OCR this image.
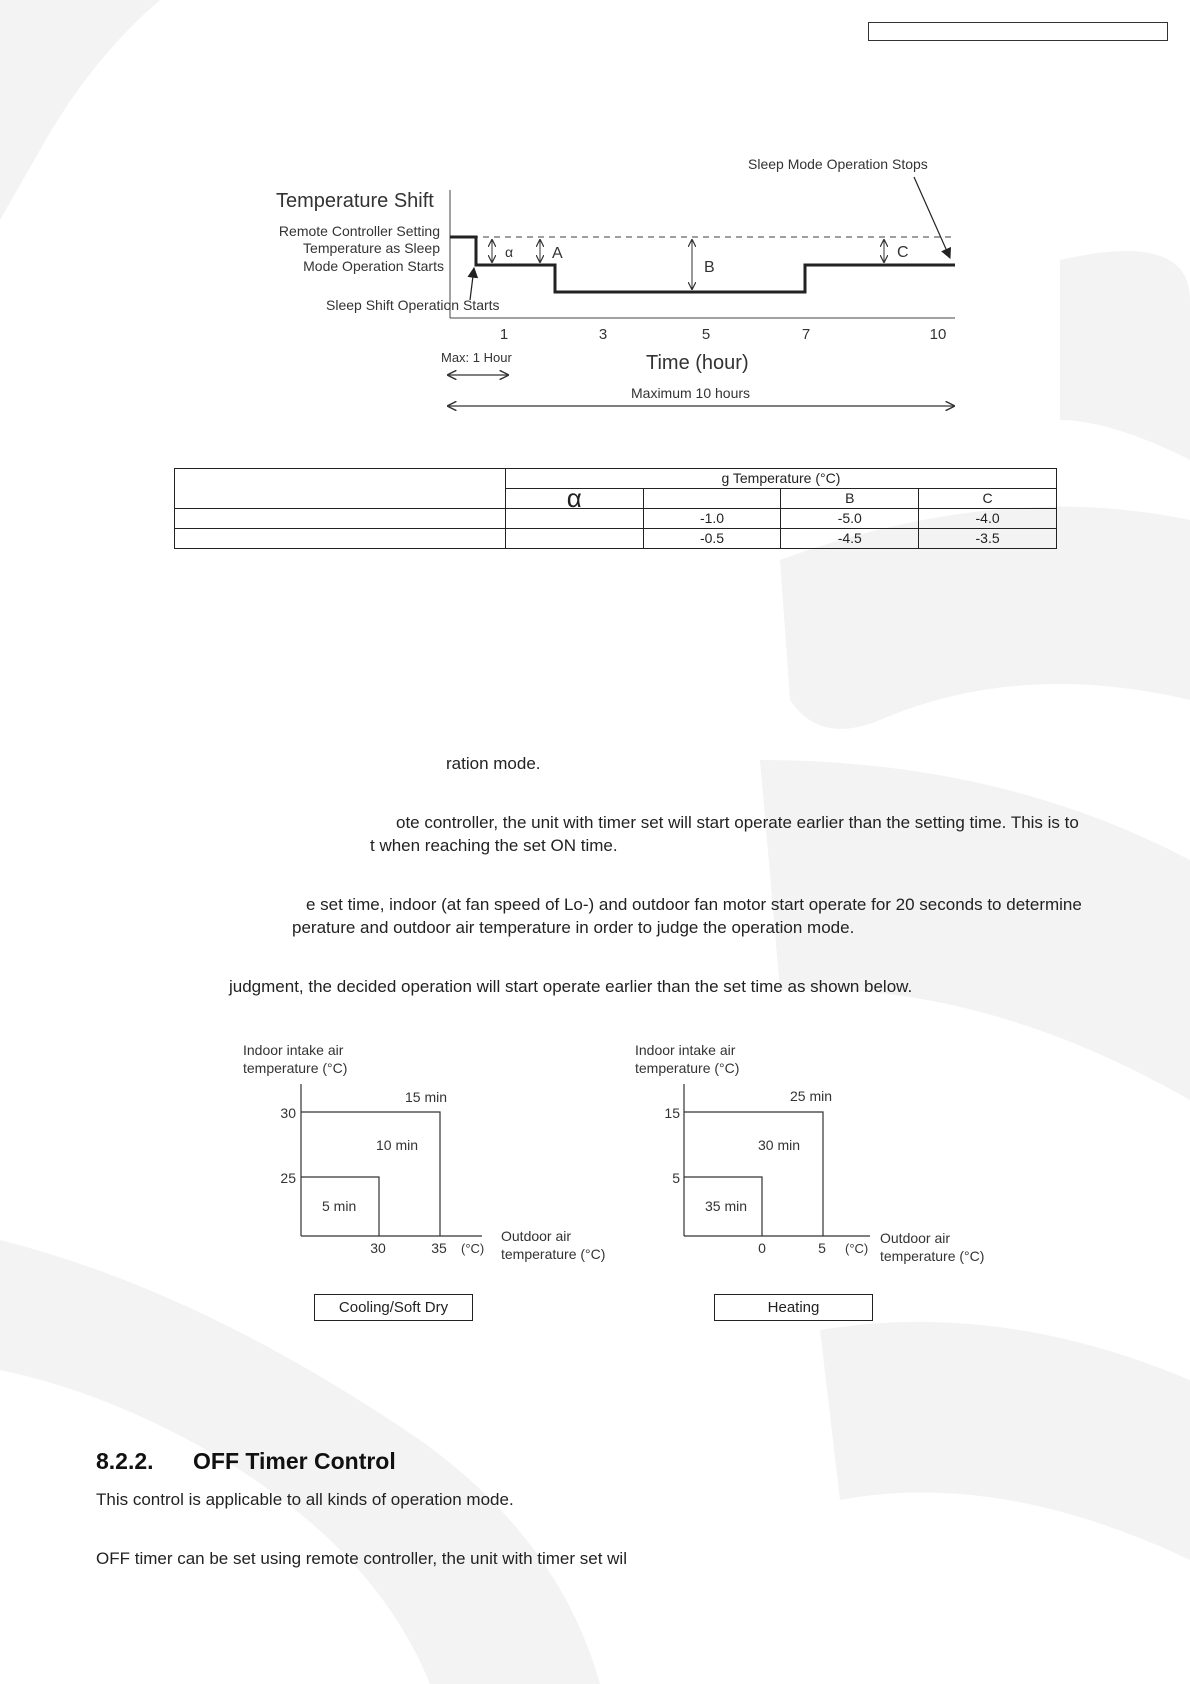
Temperature Shift
Remote Controller Setting
Temperature as Sleep
Mode Operation Starts
Sleep Mode Operation Stops
Sleep Shift Operation Starts
α A
B
C
1	3	5	7	10
Max: 1 Hour	Time (hour)
Maximum 10 hours
	g Temperature (°C)			
	α		B	C
		-1.0	-5.0	-4.0
		-0.5	-4.5	-3.5
ration mode.
ote controller, the unit with timer set will start operate earlier than the setting time. This is to
t when reaching the set ON time.
e set time, indoor (at fan speed of Lo-) and outdoor fan motor start operate for 20 seconds to determine
perature and outdoor air temperature in order to judge the operation mode.
judgment, the decided operation will start operate earlier than the set time as shown below.
Indoor intake air
temperature (°C)
30
25
30	35 (°C)
Outdoor air
temperature (°C)
15 min
10 min
5 min
Cooling/Soft Dry
Indoor intake air
temperature (°C)
15
5
0	5 (°C)
Outdoor air
temperature (°C)
25 min
30 min
35 min
Heating
8.2.2. OFF Timer Control
This control is applicable to all kinds of operation mode.
OFF timer can be set using remote controller, the unit with timer set wil
